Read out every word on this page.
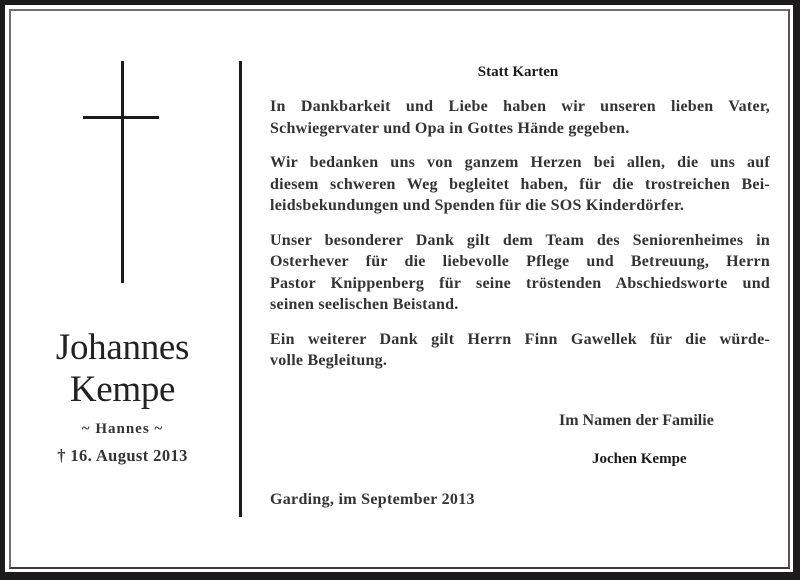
Johannes
Kempe
~ Hannes ~
† 16. August 2013
Statt Karten

In Dankbarkeit und Liebe haben wir unseren lieben Vater,
Schwiegervater und Opa in Gottes Hände gegeben.

Wir bedanken uns von ganzem Herzen bei allen, die uns auf
diesem schweren Weg begleitet haben, für die trostreichen Bei-
leidsbekundungen und Spenden für die SOS Kinderdörfer.

Unser besonderer Dank gilt dem Team des Seniorenheimes in
Osterhever für die liebevolle Pflege und Betreuung, Herrn
Pastor Knippenberg für seine tröstenden Abschiedsworte und
seinen seelischen Beistand.

Ein weiterer Dank gilt Herrn Finn Gawellek für die würde-
volle Begleitung.

Im Namen der Familie
Jochen Kempe
Garding, im September 2013
